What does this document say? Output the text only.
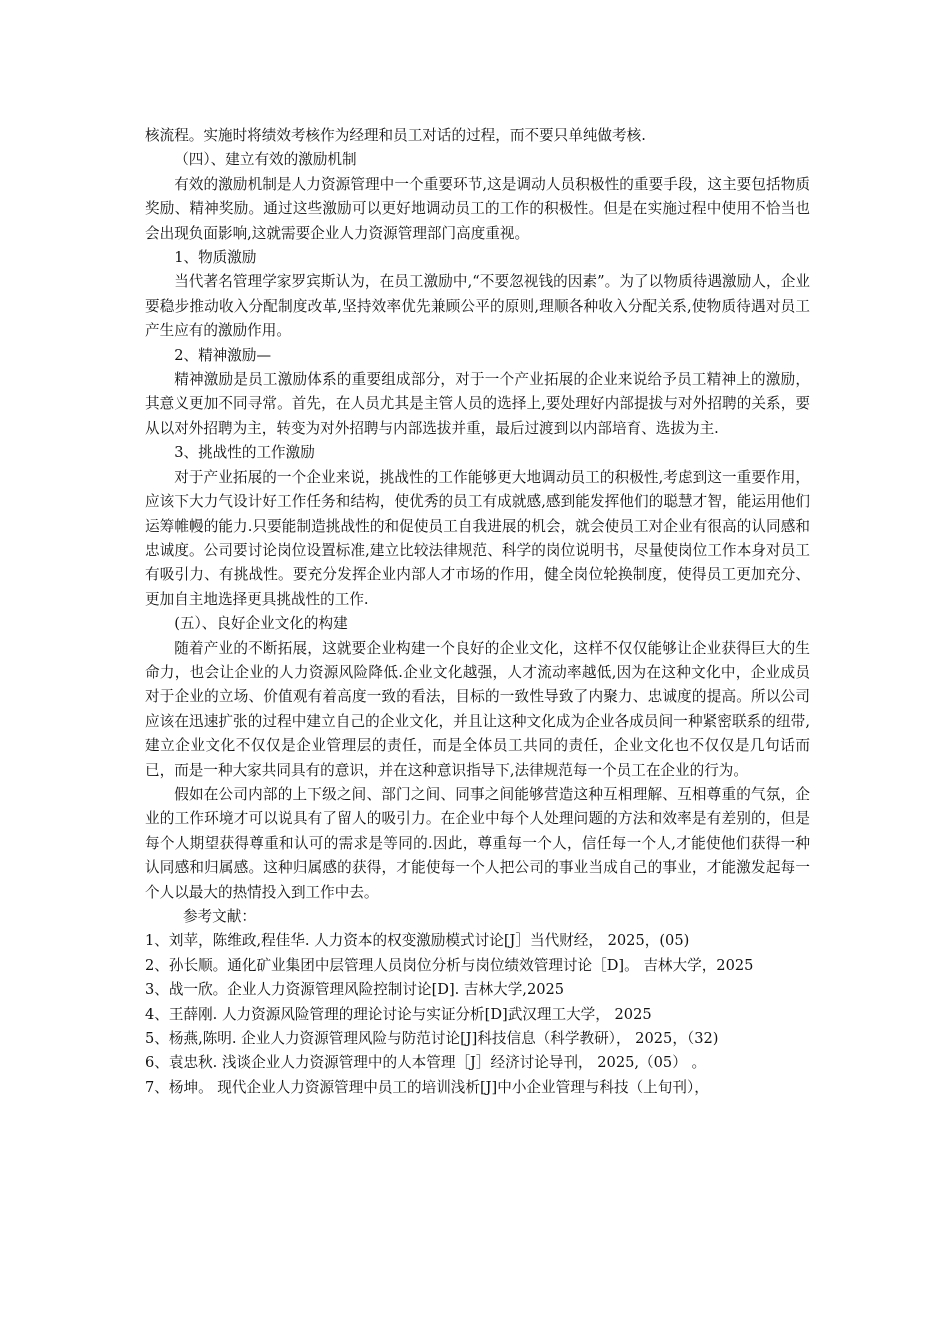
核流程。实施时将绩效考核作为经理和员工对话的过程，而不要只单纯做考核.

（四）、建立有效的激励机制

有效的激励机制是人力资源管理中一个重要环节,这是调动人员积极性的重要手段，这主要包括物质奖励、精神奖励。通过这些激励可以更好地调动员工的工作的积极性。但是在实施过程中使用不恰当也会出现负面影响,这就需要企业人力资源管理部门高度重视。

1、物质激励

当代著名管理学家罗宾斯认为，在员工激励中,“不要忽视钱的因素”。为了以物质待遇激励人，企业要稳步推动收入分配制度改革,坚持效率优先兼顾公平的原则,理顺各种收入分配关系,使物质待遇对员工产生应有的激励作用。

2、精神激励—

精神激励是员工激励体系的重要组成部分，对于一个产业拓展的企业来说给予员工精神上的激励，其意义更加不同寻常。首先，在人员尤其是主管人员的选择上,要处理好内部提拔与对外招聘的关系，要从以对外招聘为主，转变为对外招聘与内部选拔并重，最后过渡到以内部培育、选拔为主.

3、挑战性的工作激励

对于产业拓展的一个企业来说，挑战性的工作能够更大地调动员工的积极性,考虑到这一重要作用，应该下大力气设计好工作任务和结构，使优秀的员工有成就感,感到能发挥他们的聪慧才智，能运用他们运筹帷幔的能力.只要能制造挑战性的和促使员工自我进展的机会，就会使员工对企业有很高的认同感和忠诚度。公司要讨论岗位设置标准,建立比较法律规范、科学的岗位说明书，尽量使岗位工作本身对员工有吸引力、有挑战性。要充分发挥企业内部人才市场的作用，健全岗位轮换制度，使得员工更加充分、更加自主地选择更具挑战性的工作.

(五）、良好企业文化的构建

随着产业的不断拓展，这就要企业构建一个良好的企业文化，这样不仅仅能够让企业获得巨大的生命力，也会让企业的人力资源风险降低.企业文化越强，人才流动率越低,因为在这种文化中，企业成员对于企业的立场、价值观有着高度一致的看法，目标的一致性导致了内聚力、忠诚度的提高。所以公司应该在迅速扩张的过程中建立自己的企业文化，并且让这种文化成为企业各成员间一种紧密联系的纽带,建立企业文化不仅仅是企业管理层的责任，而是全体员工共同的责任，企业文化也不仅仅是几句话而已，而是一种大家共同具有的意识，并在这种意识指导下,法律规范每一个员工在企业的行为。

假如在公司内部的上下级之间、部门之间、同事之间能够营造这种互相理解、互相尊重的气氛，企业的工作环境才可以说具有了留人的吸引力。在企业中每个人处理问题的方法和效率是有差别的，但是每个人期望获得尊重和认可的需求是等同的.因此，尊重每一个人，信任每一个人,才能使他们获得一种认同感和归属感。这种归属感的获得，才能使每一个人把公司的事业当成自己的事业，才能激发起每一个人以最大的热情投入到工作中去。

参考文献：

1、刘苹，陈维政,程佳华. 人力资本的权变激励模式讨论[J］当代财经， 2025，(05)

2、孙长顺。通化矿业集团中层管理人员岗位分析与岗位绩效管理讨论［D]。 吉林大学，2025

3、战一欣。企业人力资源管理风险控制讨论[D]. 吉林大学,2025

4、王薛刚. 人力资源风险管理的理论讨论与实证分析[D]武汉理工大学， 2025

5、杨燕,陈明. 企业人力资源管理风险与防范讨论[J]科技信息（科学教研）， 2025，（32)

6、袁忠秋. 浅谈企业人力资源管理中的人本管理［J］经济讨论导刊， 2025,（05） 。

7、杨坤。 现代企业人力资源管理中员工的培训浅析[J]中小企业管理与科技（上旬刊），
